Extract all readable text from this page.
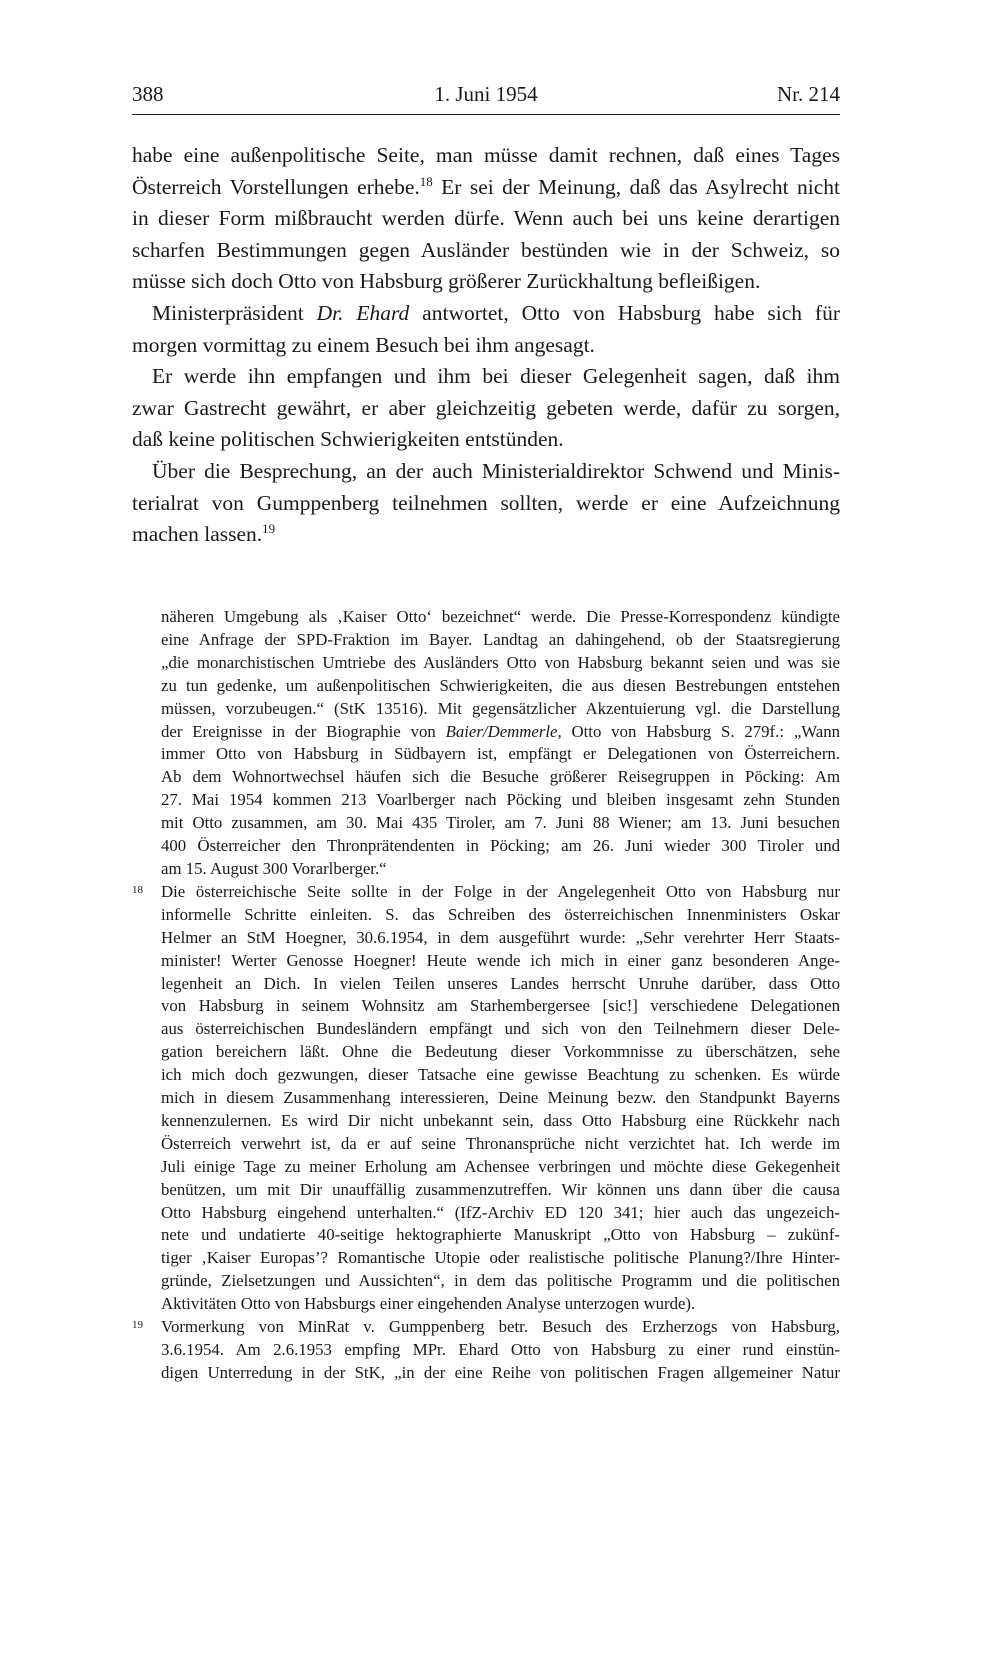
388	1. Juni 1954	Nr. 214

habe eine außenpolitische Seite, man müsse damit rechnen, daß eines Tages
Österreich Vorstellungen erhebe.$^{18}$ Er sei der Meinung, daß das Asylrecht nicht
in dieser Form mißbraucht werden dürfe. Wenn auch bei uns keine derartigen
scharfen Bestimmungen gegen Ausländer bestünden wie in der Schweiz, so
müsse sich doch Otto von Habsburg größerer Zurückhaltung befleißigen.

Ministerpräsident Dr. Ehard antwortet, Otto von Habsburg habe sich für
morgen vormittag zu einem Besuch bei ihm angesagt.

Er werde ihn empfangen und ihm bei dieser Gelegenheit sagen, daß ihm
zwar Gastrecht gewährt, er aber gleichzeitig gebeten werde, dafür zu sorgen,
daß keine politischen Schwierigkeiten entstünden.

Über die Besprechung, an der auch Ministerialdirektor Schwend und Minis-
terialrat von Gumppenberg teilnehmen sollten, werde er eine Aufzeichnung
machen lassen.$^{19}$

näheren Umgebung als ‚Kaiser Otto‘ bezeichnet“ werde. Die Presse-Korrespondenz kündigte
eine Anfrage der SPD-Fraktion im Bayer. Landtag an dahingehend, ob der Staatsregierung
„die monarchistischen Umtriebe des Ausländers Otto von Habsburg bekannt seien und was sie
zu tun gedenke, um außenpolitischen Schwierigkeiten, die aus diesen Bestrebungen entstehen
müssen, vorzubeugen.“ (StK 13516). Mit gegensätzlicher Akzentuierung vgl. die Darstellung
der Ereignisse in der Biographie von Baier/Demmerle, Otto von Habsburg S. 279f.: „Wann
immer Otto von Habsburg in Südbayern ist, empfängt er Delegationen von Österreichern.
Ab dem Wohnortwechsel häufen sich die Besuche größerer Reisegruppen in Pöcking: Am
27. Mai 1954 kommen 213 Voarlberger nach Pöcking und bleiben insgesamt zehn Stunden
mit Otto zusammen, am 30. Mai 435 Tiroler, am 7. Juni 88 Wiener; am 13. Juni besuchen
400 Österreicher den Thronprätendenten in Pöcking; am 26. Juni wieder 300 Tiroler und
am 15. August 300 Vorarlberger.“
18 Die österreichische Seite sollte in der Folge in der Angelegenheit Otto von Habsburg nur
informelle Schritte einleiten. S. das Schreiben des österreichischen Innenministers Oskar
Helmer an StM Hoegner, 30.6.1954, in dem ausgeführt wurde: „Sehr verehrter Herr Staats-
minister! Werter Genosse Hoegner! Heute wende ich mich in einer ganz besonderen Ange-
legenheit an Dich. In vielen Teilen unseres Landes herrscht Unruhe darüber, dass Otto
von Habsburg in seinem Wohnsitz am Starhembergersee [sic!] verschiedene Delegationen
aus österreichischen Bundesländern empfängt und sich von den Teilnehmern dieser Dele-
gation bereichern läßt. Ohne die Bedeutung dieser Vorkommnisse zu überschätzen, sehe
ich mich doch gezwungen, dieser Tatsache eine gewisse Beachtung zu schenken. Es würde
mich in diesem Zusammenhang interessieren, Deine Meinung bezw. den Standpunkt Bayerns
kennenzulernen. Es wird Dir nicht unbekannt sein, dass Otto Habsburg eine Rückkehr nach
Österreich verwehrt ist, da er auf seine Thronansprüche nicht verzichtet hat. Ich werde im
Juli einige Tage zu meiner Erholung am Achensee verbringen und möchte diese Gekegenheit
benützen, um mit Dir unauffällig zusammenzutreffen. Wir können uns dann über die causa
Otto Habsburg eingehend unterhalten.“ (IfZ-Archiv ED 120 341; hier auch das ungezeich-
nete und undatierte 40-seitige hektographierte Manuskript „Otto von Habsburg – zukünf-
tiger ‚Kaiser Europas’? Romantische Utopie oder realistische politische Planung?/Ihre Hinter-
gründe, Zielsetzungen und Aussichten“, in dem das politische Programm und die politischen
Aktivitäten Otto von Habsburgs einer eingehenden Analyse unterzogen wurde).
19 Vormerkung von MinRat v. Gumppenberg betr. Besuch des Erzherzogs von Habsburg,
3.6.1954. Am 2.6.1953 empfing MPr. Ehard Otto von Habsburg zu einer rund einstün-
digen Unterredung in der StK, „in der eine Reihe von politischen Fragen allgemeiner Natur
